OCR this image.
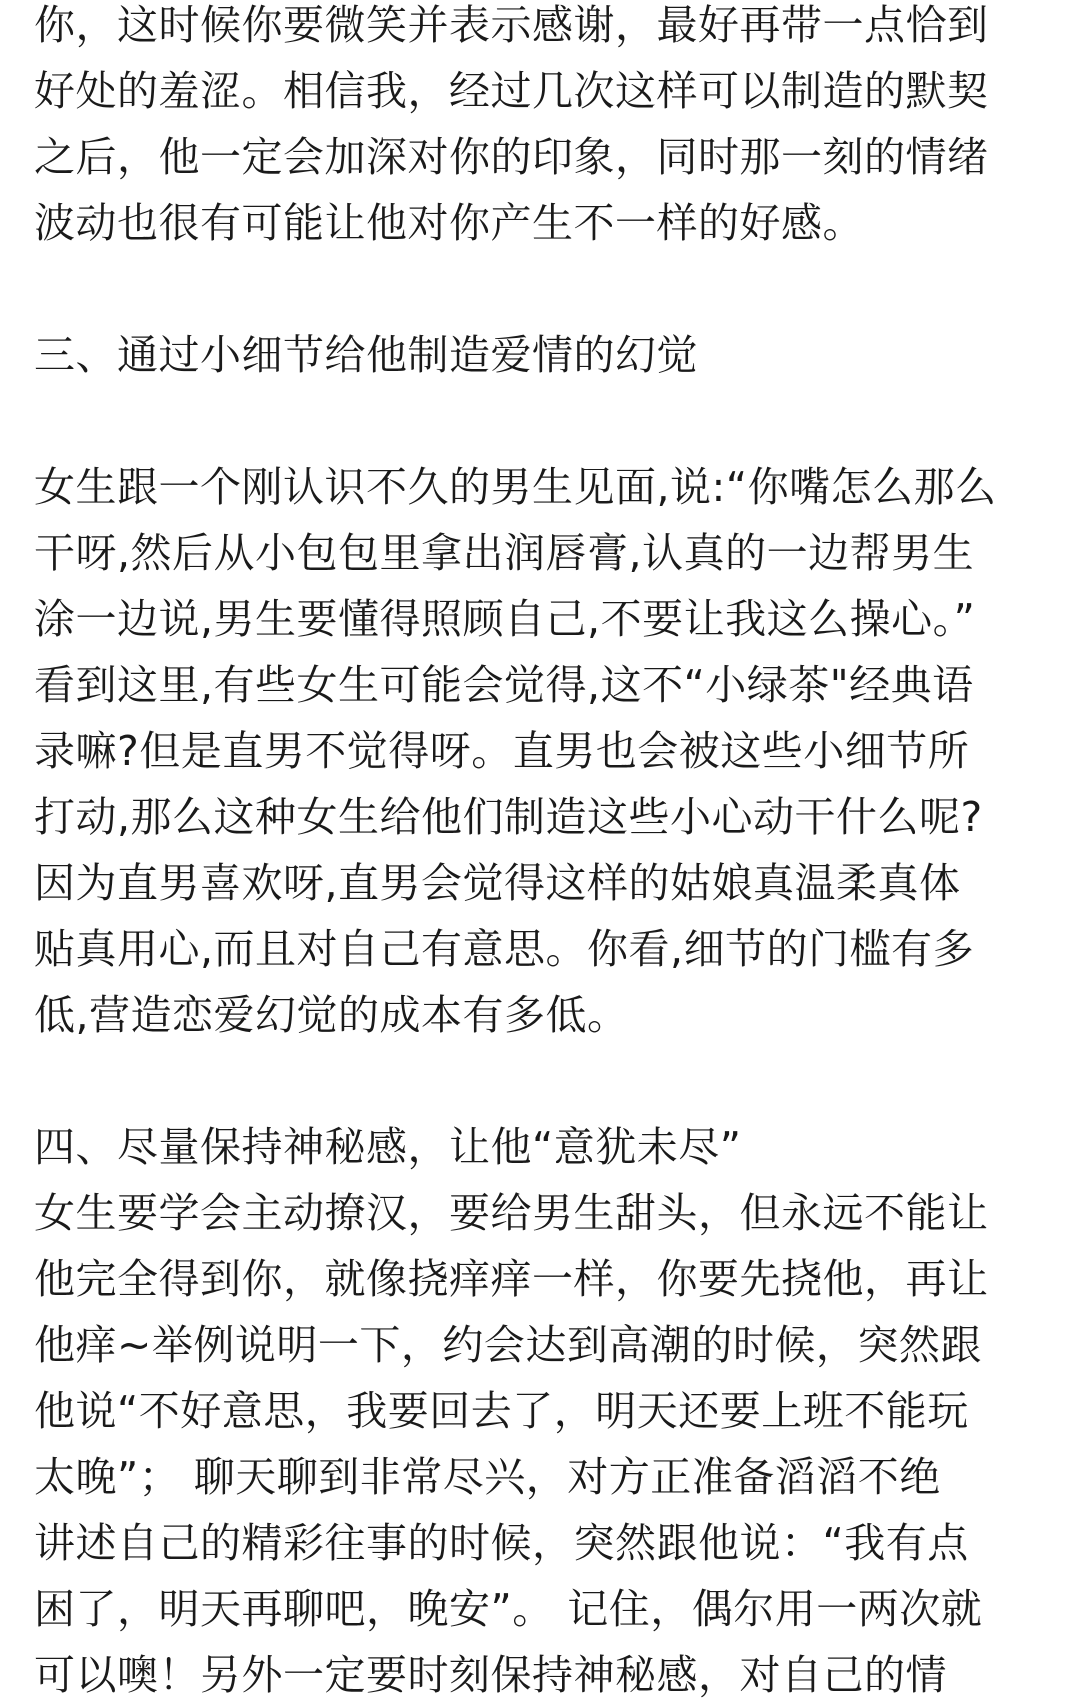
你，这时候你要微笑并表示感谢，最好再带一点恰到
好处的羞涩。相信我，经过几次这样可以制造的默契
之后，他一定会加深对你的印象，同时那一刻的情绪
波动也很有可能让他对你产生不一样的好感。
三、通过小细节给他制造爱情的幻觉
女生跟一个刚认识不久的男生见面,说:“你嘴怎么那么
干呀,然后从小包包里拿出润唇膏,认真的一边帮男生
涂一边说,男生要懂得照顾自己,不要让我这么操心。”
看到这里,有些女生可能会觉得,这不“小绿茶"经典语
录嘛?但是直男不觉得呀。直男也会被这些小细节所
打动,那么这种女生给他们制造这些小心动干什么呢?
因为直男喜欢呀,直男会觉得这样的姑娘真温柔真体
贴真用心,而且对自己有意思。你看,细节的门槛有多
低,营造恋爱幻觉的成本有多低。
四、尽量保持神秘感，让他“意犹未尽”
女生要学会主动撩汉，要给男生甜头，但永远不能让
他完全得到你，就像挠痒痒一样，你要先挠他，再让
他痒~举例说明一下，约会达到高潮的时候，突然跟
他说“不好意思，我要回去了，明天还要上班不能玩
太晚”； 聊天聊到非常尽兴，对方正准备滔滔不绝
讲述自己的精彩往事的时候，突然跟他说：“我有点
困了，明天再聊吧，晚安”。 记住，偶尔用一两次就
可以噢！另外一定要时刻保持神秘感，对自己的情
